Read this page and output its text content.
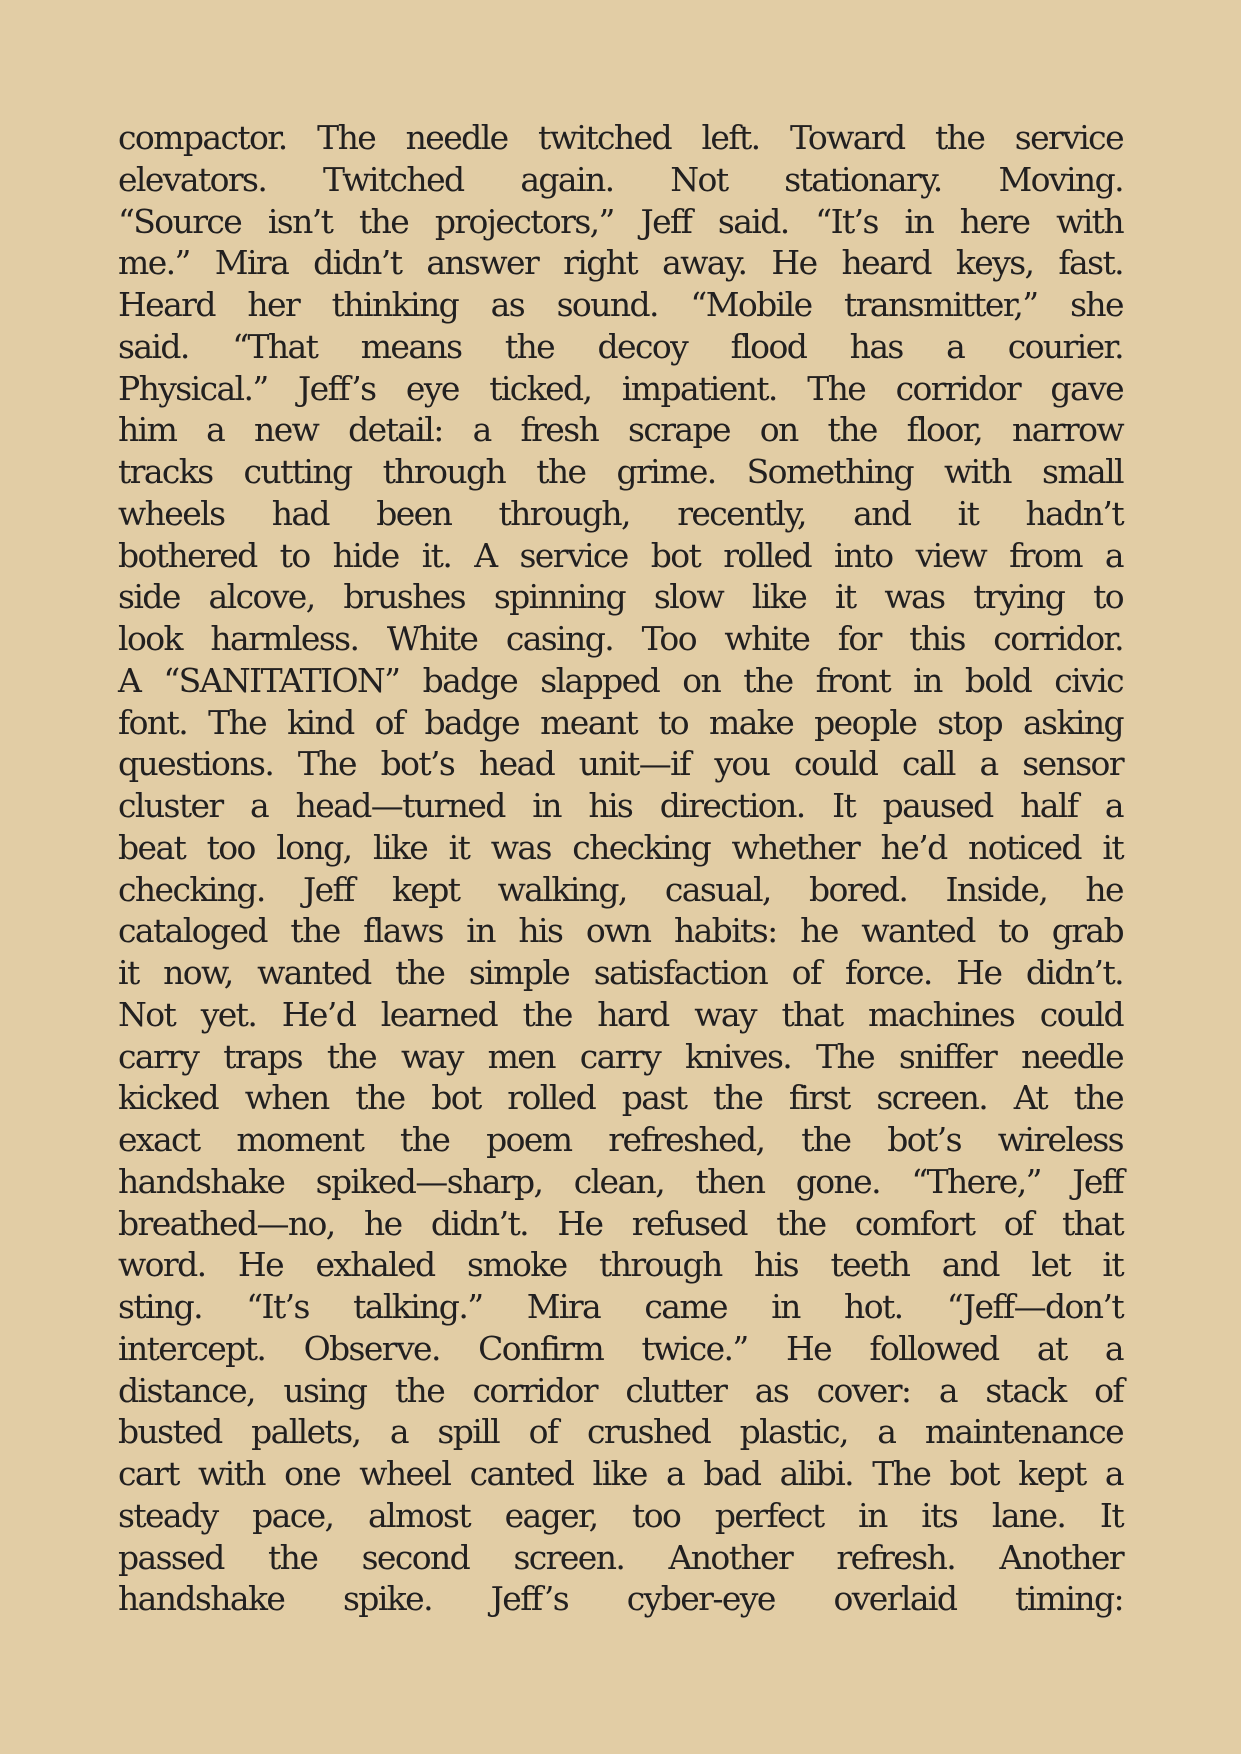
compactor. The needle twitched left. Toward the service
elevators. Twitched again. Not stationary. Moving.
“Source isn’t the projectors,” Jeff said. “It’s in here with
me.” Mira didn’t answer right away. He heard keys, fast.
Heard her thinking as sound. “Mobile transmitter,” she
said. “That means the decoy flood has a courier.
Physical.” Jeff’s eye ticked, impatient. The corridor gave
him a new detail: a fresh scrape on the floor, narrow
tracks cutting through the grime. Something with small
wheels had been through, recently, and it hadn’t
bothered to hide it. A service bot rolled into view from a
side alcove, brushes spinning slow like it was trying to
look harmless. White casing. Too white for this corridor.
A “SANITATION” badge slapped on the front in bold civic
font. The kind of badge meant to make people stop asking
questions. The bot’s head unit—if you could call a sensor
cluster a head—turned in his direction. It paused half a
beat too long, like it was checking whether he’d noticed it
checking. Jeff kept walking, casual, bored. Inside, he
cataloged the flaws in his own habits: he wanted to grab
it now, wanted the simple satisfaction of force. He didn’t.
Not yet. He’d learned the hard way that machines could
carry traps the way men carry knives. The sniffer needle
kicked when the bot rolled past the first screen. At the
exact moment the poem refreshed, the bot’s wireless
handshake spiked—sharp, clean, then gone. “There,” Jeff
breathed—no, he didn’t. He refused the comfort of that
word. He exhaled smoke through his teeth and let it
sting. “It’s talking.” Mira came in hot. “Jeff—don’t
intercept. Observe. Confirm twice.” He followed at a
distance, using the corridor clutter as cover: a stack of
busted pallets, a spill of crushed plastic, a maintenance
cart with one wheel canted like a bad alibi. The bot kept a
steady pace, almost eager, too perfect in its lane. It
passed the second screen. Another refresh. Another
handshake spike. Jeff’s cyber-eye overlaid timing:
